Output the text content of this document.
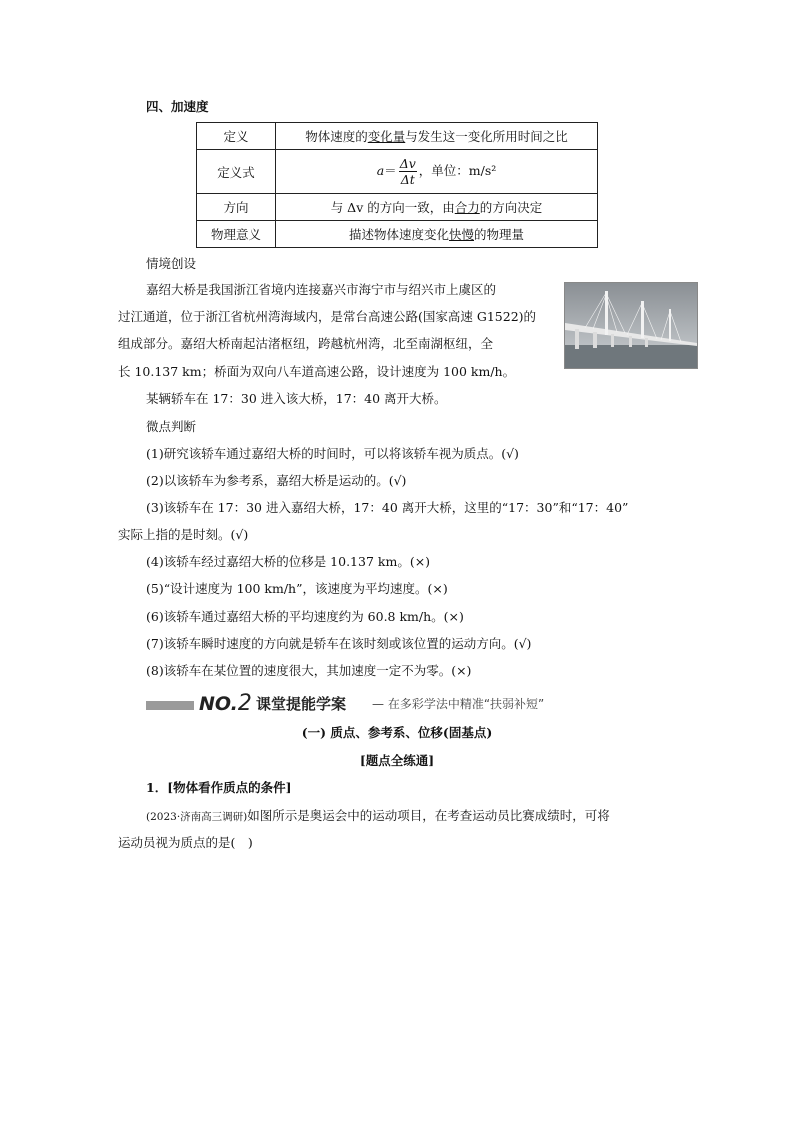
四、加速度
定义	物体速度的变化量与发生这一变化所用时间之比
定义式	$a= \frac{\Delta v}{\Delta t}$ ，单位：m/s²
方向	与 Δv 的方向一致，由合力的方向决定
物理意义	描述物体速度变化快慢的物理量
情境创设
嘉绍大桥是我国浙江省境内连接嘉兴市海宁市与绍兴市上虞区的
过江通道，位于浙江省杭州湾海域内，是常台高速公路(国家高速 G1522)的
组成部分。嘉绍大桥南起沽渚枢纽，跨越杭州湾，北至南湖枢纽，全
长 10.137 km；桥面为双向八车道高速公路，设计速度为 100 km/h。
某辆轿车在 17：30 进入该大桥，17：40 离开大桥。
微点判断
(1)研究该轿车通过嘉绍大桥的时间时，可以将该轿车视为质点。(√)
(2)以该轿车为参考系，嘉绍大桥是运动的。(√)
(3)该轿车在 17：30 进入嘉绍大桥，17：40 离开大桥，这里的“17：30”和“17：40”
实际上指的是时刻。(√)
(4)该轿车经过嘉绍大桥的位移是 10.137 km。(×)
(5)“设计速度为 100 km/h”，该速度为平均速度。(×)
(6)该轿车通过嘉绍大桥的平均速度约为 60.8 km/h。(×)
(7)该轿车瞬时速度的方向就是轿车在该时刻或该位置的运动方向。(√)
(8)该轿车在某位置的速度很大，其加速度一定不为零。(×)
NO.2 课堂提能学案 — 在多彩学法中精准“扶弱补短”
(一) 质点、参考系、位移(固基点)
[题点全练通]
1．[物体看作质点的条件]
(2023·济南高三调研)如图所示是奥运会中的运动项目，在考查运动员比赛成绩时，可将
运动员视为质点的是(　)
